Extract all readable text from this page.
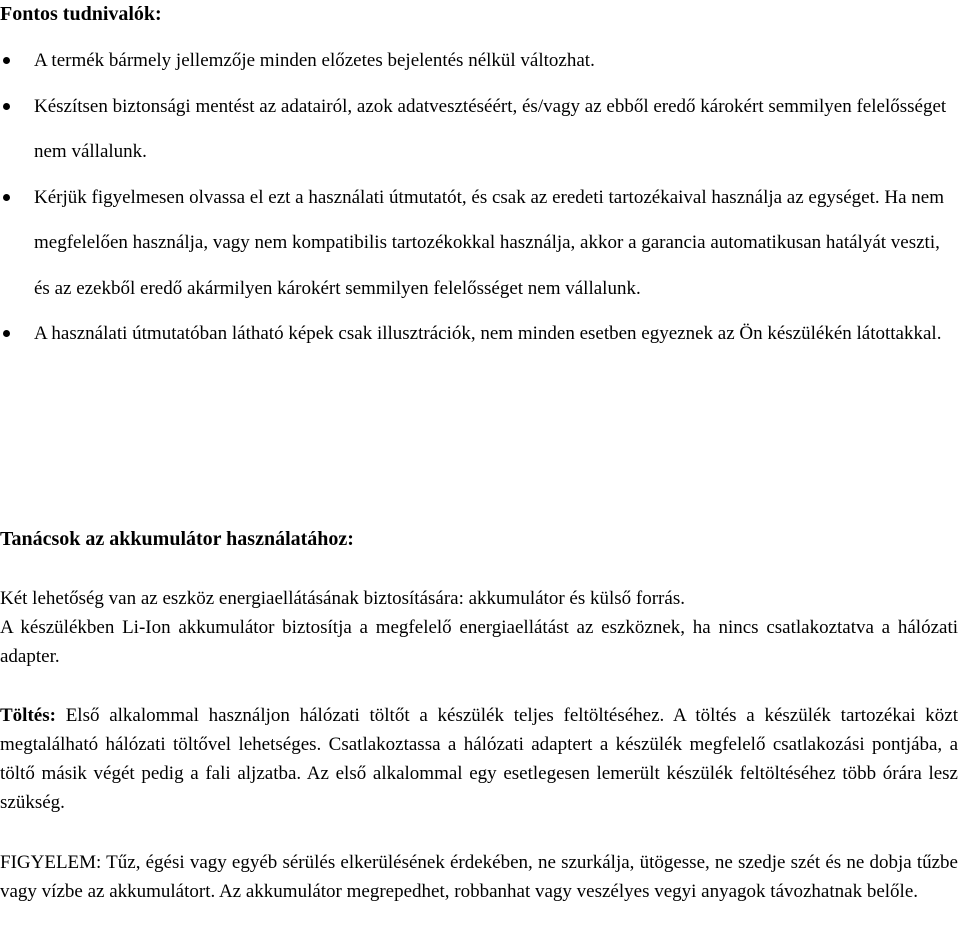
Fontos tudnivalók:
A termék bármely jellemzője minden előzetes bejelentés nélkül változhat.
Készítsen biztonsági mentést az adatairól, azok adatvesztéséért, és/vagy az ebből eredő károkért semmilyen felelősséget nem vállalunk.
Kérjük figyelmesen olvassa el ezt a használati útmutatót, és csak az eredeti tartozékaival használja az egységet. Ha nem megfelelően használja, vagy nem kompatibilis tartozékokkal használja, akkor a garancia automatikusan hatályát veszti, és az ezekből eredő akármilyen károkért semmilyen felelősséget nem vállalunk.
A használati útmutatóban látható képek csak illusztrációk, nem minden esetben egyeznek az Ön készülékén látottakkal.
Tanácsok az akkumulátor használatához:

Két lehetőség van az eszköz energiaellátásának biztosítására: akkumulátor és külső forrás.

A készülékben Li-Ion akkumulátor biztosítja a megfelelő energiaellátást az eszköznek, ha nincs csatlakoztatva a hálózati adapter.

Töltés: Első alkalommal használjon hálózati töltőt a készülék teljes feltöltéséhez. A töltés a készülék tartozékai közt megtalálható hálózati töltővel lehetséges. Csatlakoztassa a hálózati adaptert a készülék megfelelő csatlakozási pontjába, a töltő másik végét pedig a fali aljzatba. Az első alkalommal egy esetlegesen lemerült készülék feltöltéséhez több órára lesz szükség.

FIGYELEM: Tűz, égési vagy egyéb sérülés elkerülésének érdekében, ne szurkálja, ütögesse, ne szedje szét és ne dobja tűzbe vagy vízbe az akkumulátort. Az akkumulátor megrepedhet, robbanhat vagy veszélyes vegyi anyagok távozhatnak belőle.
